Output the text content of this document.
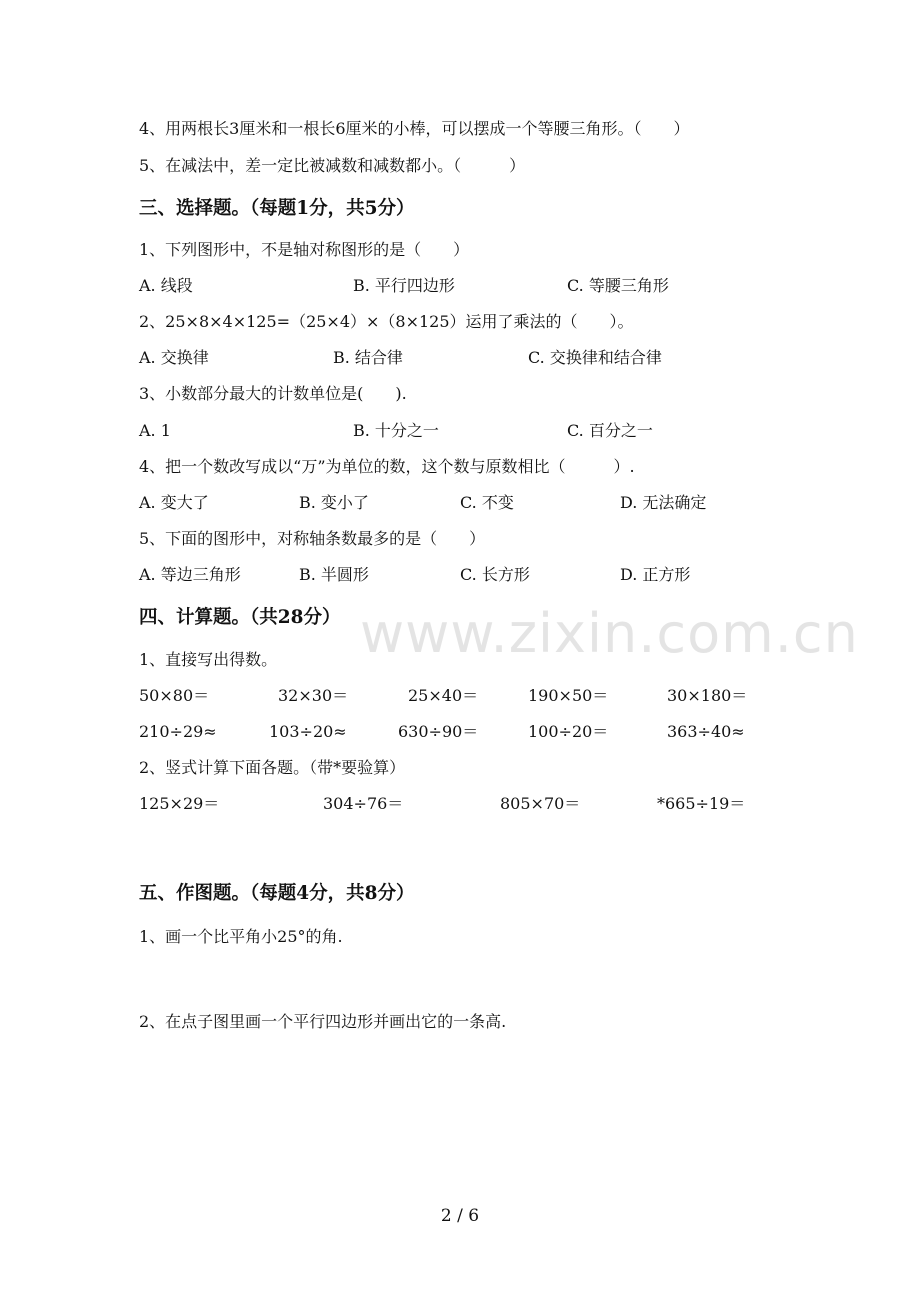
4、用两根长3厘米和一根长6厘米的小棒，可以摆成一个等腰三角形。（　　）
5、在减法中，差一定比被减数和减数都小。（　　　）
三、选择题。（每题1分，共5分）
1、下列图形中，不是轴对称图形的是（　　）
A. 线段	B. 平行四边形	C. 等腰三角形
2、25×8×4×125=（25×4）×（8×125）运用了乘法的（　　）。
A. 交换律	B. 结合律	C. 交换律和结合律
3、小数部分最大的计数单位是(　　).
A. 1	B. 十分之一	C. 百分之一
4、把一个数改写成以“万”为单位的数，这个数与原数相比（　　　）.
A. 变大了	B. 变小了	C. 不变	D. 无法确定
5、下面的图形中，对称轴条数最多的是（　　）
A. 等边三角形	B. 半圆形	C. 长方形	D. 正方形
www.zixin.com.cn
四、计算题。（共28分）
1、直接写出得数。
50×80＝	32×30＝	25×40＝	190×50＝	30×180＝
210÷29≈	103÷20≈	630÷90＝	100÷20＝	363÷40≈
2、竖式计算下面各题。（带*要验算）
125×29＝	304÷76＝	805×70＝	*665÷19＝
五、作图题。（每题4分，共8分）
1、画一个比平角小25°的角.
2、在点子图里画一个平行四边形并画出它的一条高.
2 / 6
